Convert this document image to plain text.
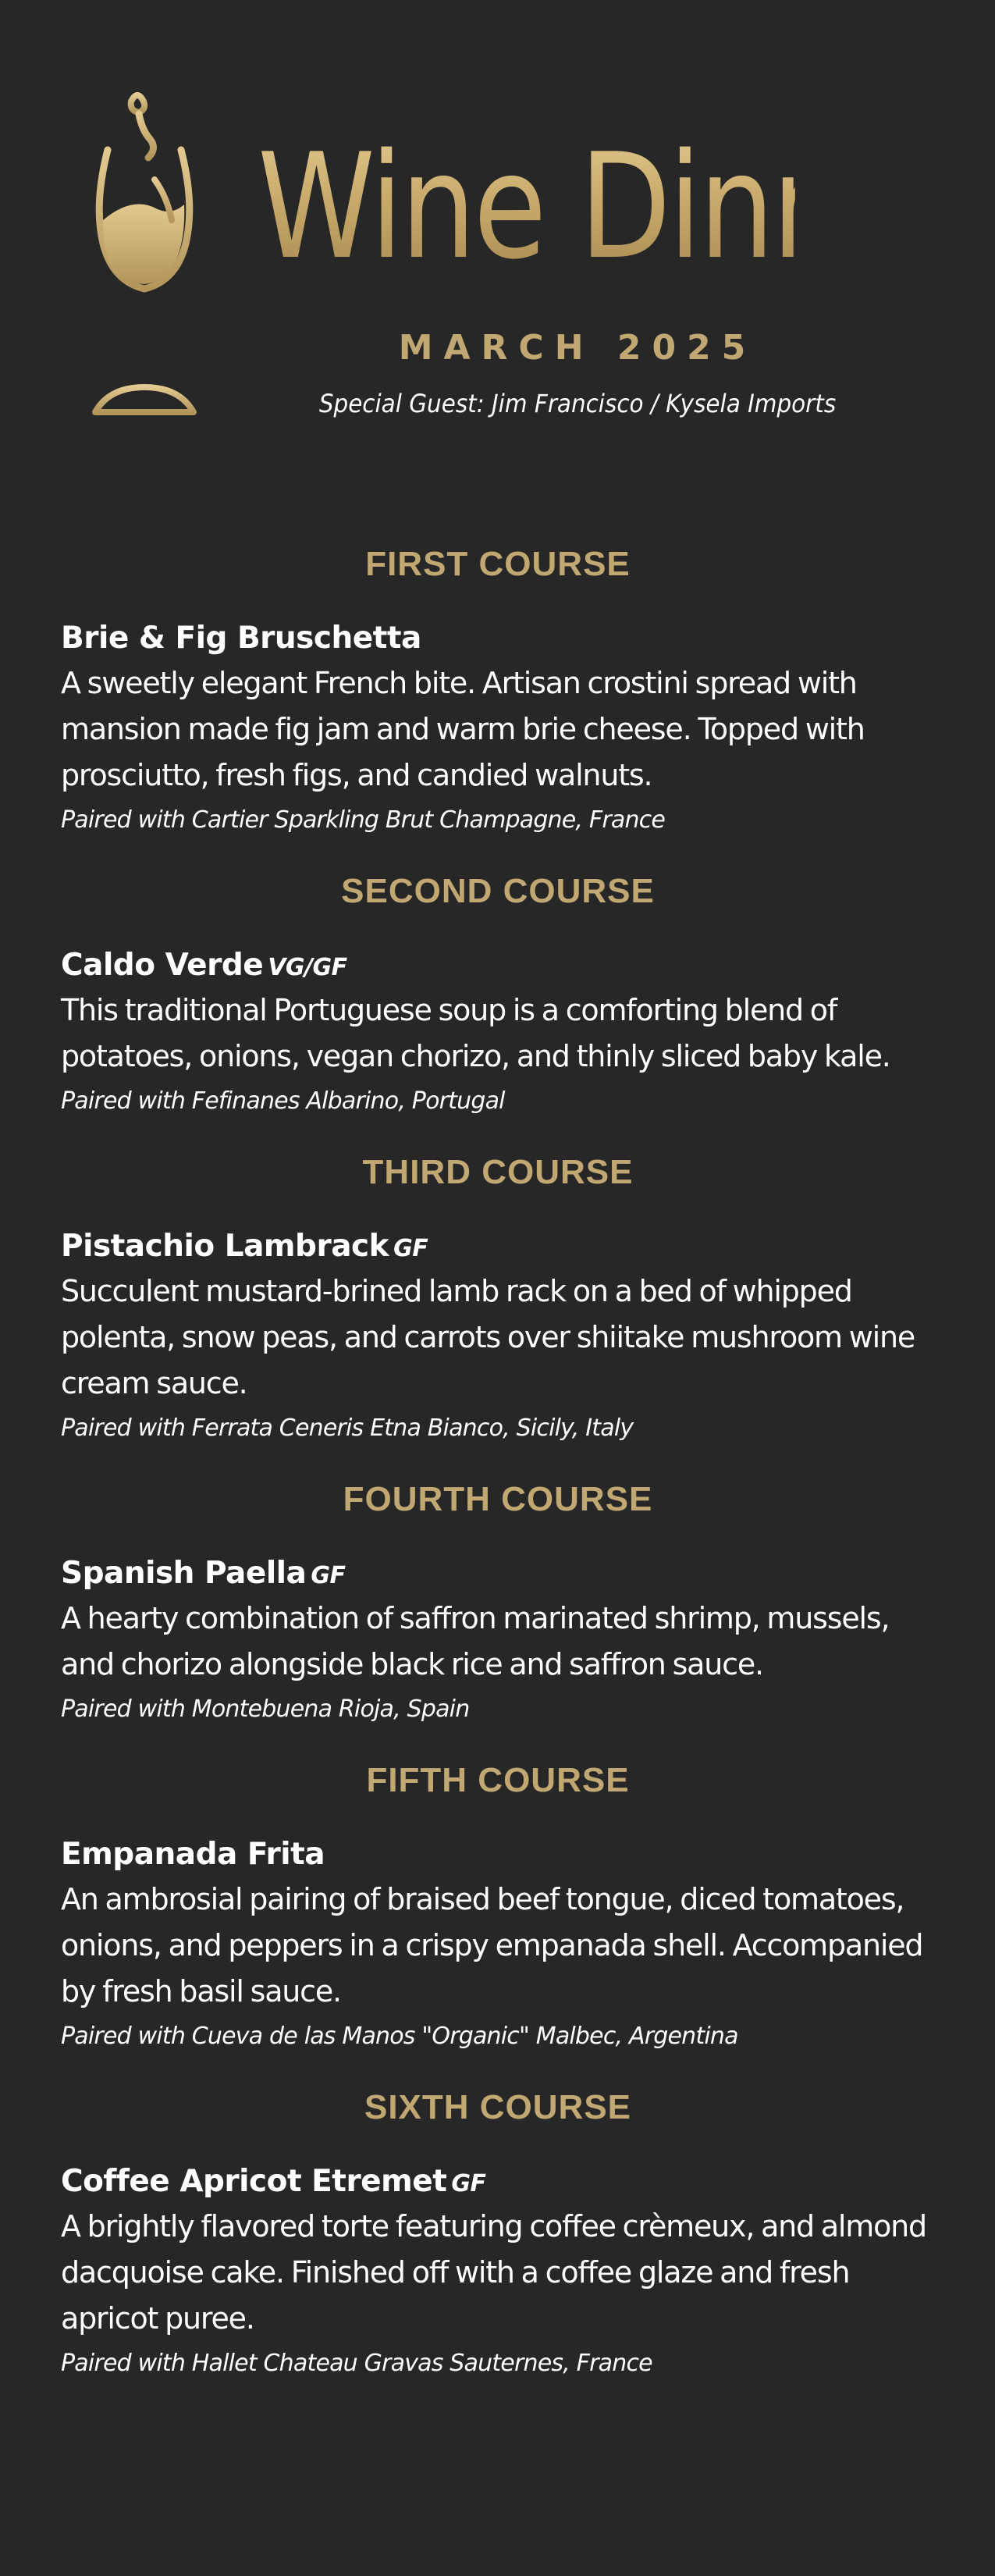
Wine Dinner
MARCH 2025
Special Guest: Jim Francisco / Kysela Imports
FIRST COURSE
Brie & Fig Bruschetta
A sweetly elegant French bite. Artisan crostini spread with mansion made fig jam and warm brie cheese. Topped with prosciutto, fresh figs, and candied walnuts.
Paired with Cartier Sparkling Brut Champagne, France
SECOND COURSE
Caldo Verde VG/GF
This traditional Portuguese soup is a comforting blend of potatoes, onions, vegan chorizo, and thinly sliced baby kale.
Paired with Fefinanes Albarino, Portugal
THIRD COURSE
Pistachio Lambrack GF
Succulent mustard-brined lamb rack on a bed of whipped polenta, snow peas, and carrots over shiitake mushroom wine cream sauce.
Paired with Ferrata Ceneris Etna Bianco, Sicily, Italy
FOURTH COURSE
Spanish Paella GF
A hearty combination of saffron marinated shrimp, mussels, and chorizo alongside black rice and saffron sauce.
Paired with Montebuena Rioja, Spain
FIFTH COURSE
Empanada Frita
An ambrosial pairing of braised beef tongue, diced tomatoes, onions, and peppers in a crispy empanada shell. Accompanied by fresh basil sauce.
Paired with Cueva de las Manos "Organic" Malbec, Argentina
SIXTH COURSE
Coffee Apricot Etremet GF
A brightly flavored torte featuring coffee crèmeux, and almond dacquoise cake. Finished off with a coffee glaze and fresh apricot puree.
Paired with Hallet Chateau Gravas Sauternes, France
